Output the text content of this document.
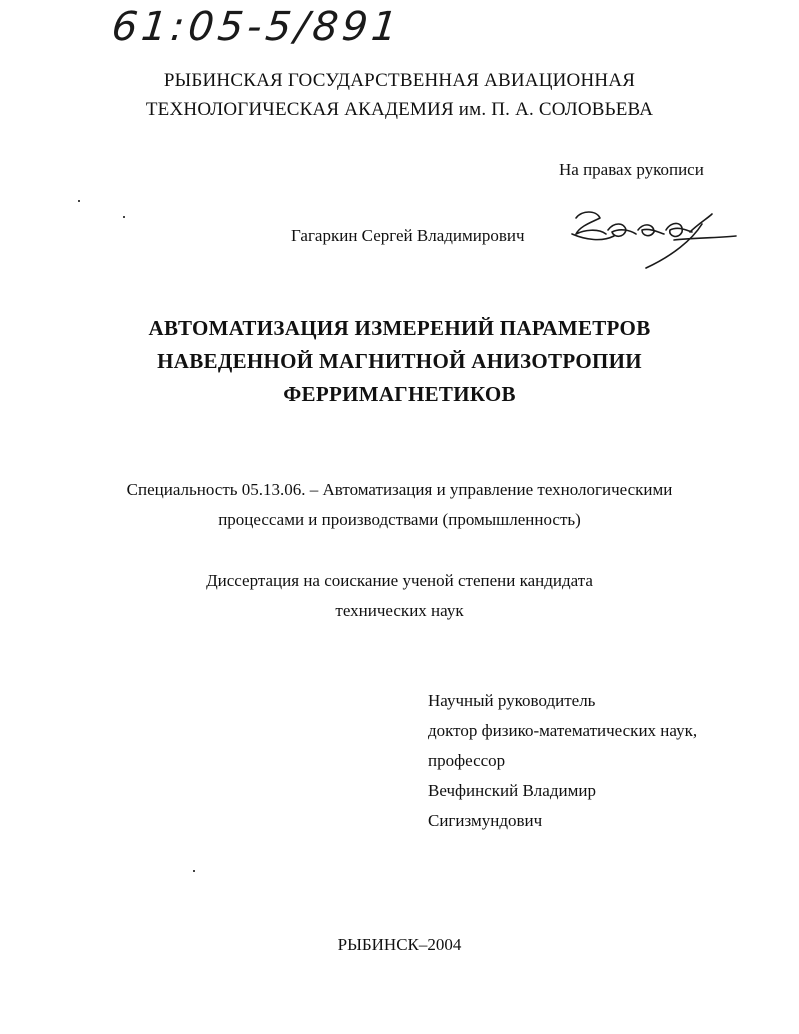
61:05-5/891
РЫБИНСКАЯ ГОСУДАРСТВЕННАЯ АВИАЦИОННАЯ
ТЕХНОЛОГИЧЕСКАЯ АКАДЕМИЯ им. П. А. СОЛОВЬЕВА
На правах рукописи
Гагаркин Сергей Владимирович
АВТОМАТИЗАЦИЯ ИЗМЕРЕНИЙ ПАРАМЕТРОВ
НАВЕДЕННОЙ МАГНИТНОЙ АНИЗОТРОПИИ
ФЕРРИМАГНЕТИКОВ
Специальность 05.13.06. – Автоматизация и управление технологическими
процессами и производствами (промышленность)
Диссертация на соискание ученой степени кандидата
технических наук
Научный руководитель
доктор физико-математических наук,
профессор
Вечфинский Владимир
Сигизмундович
РЫБИНСК–2004
